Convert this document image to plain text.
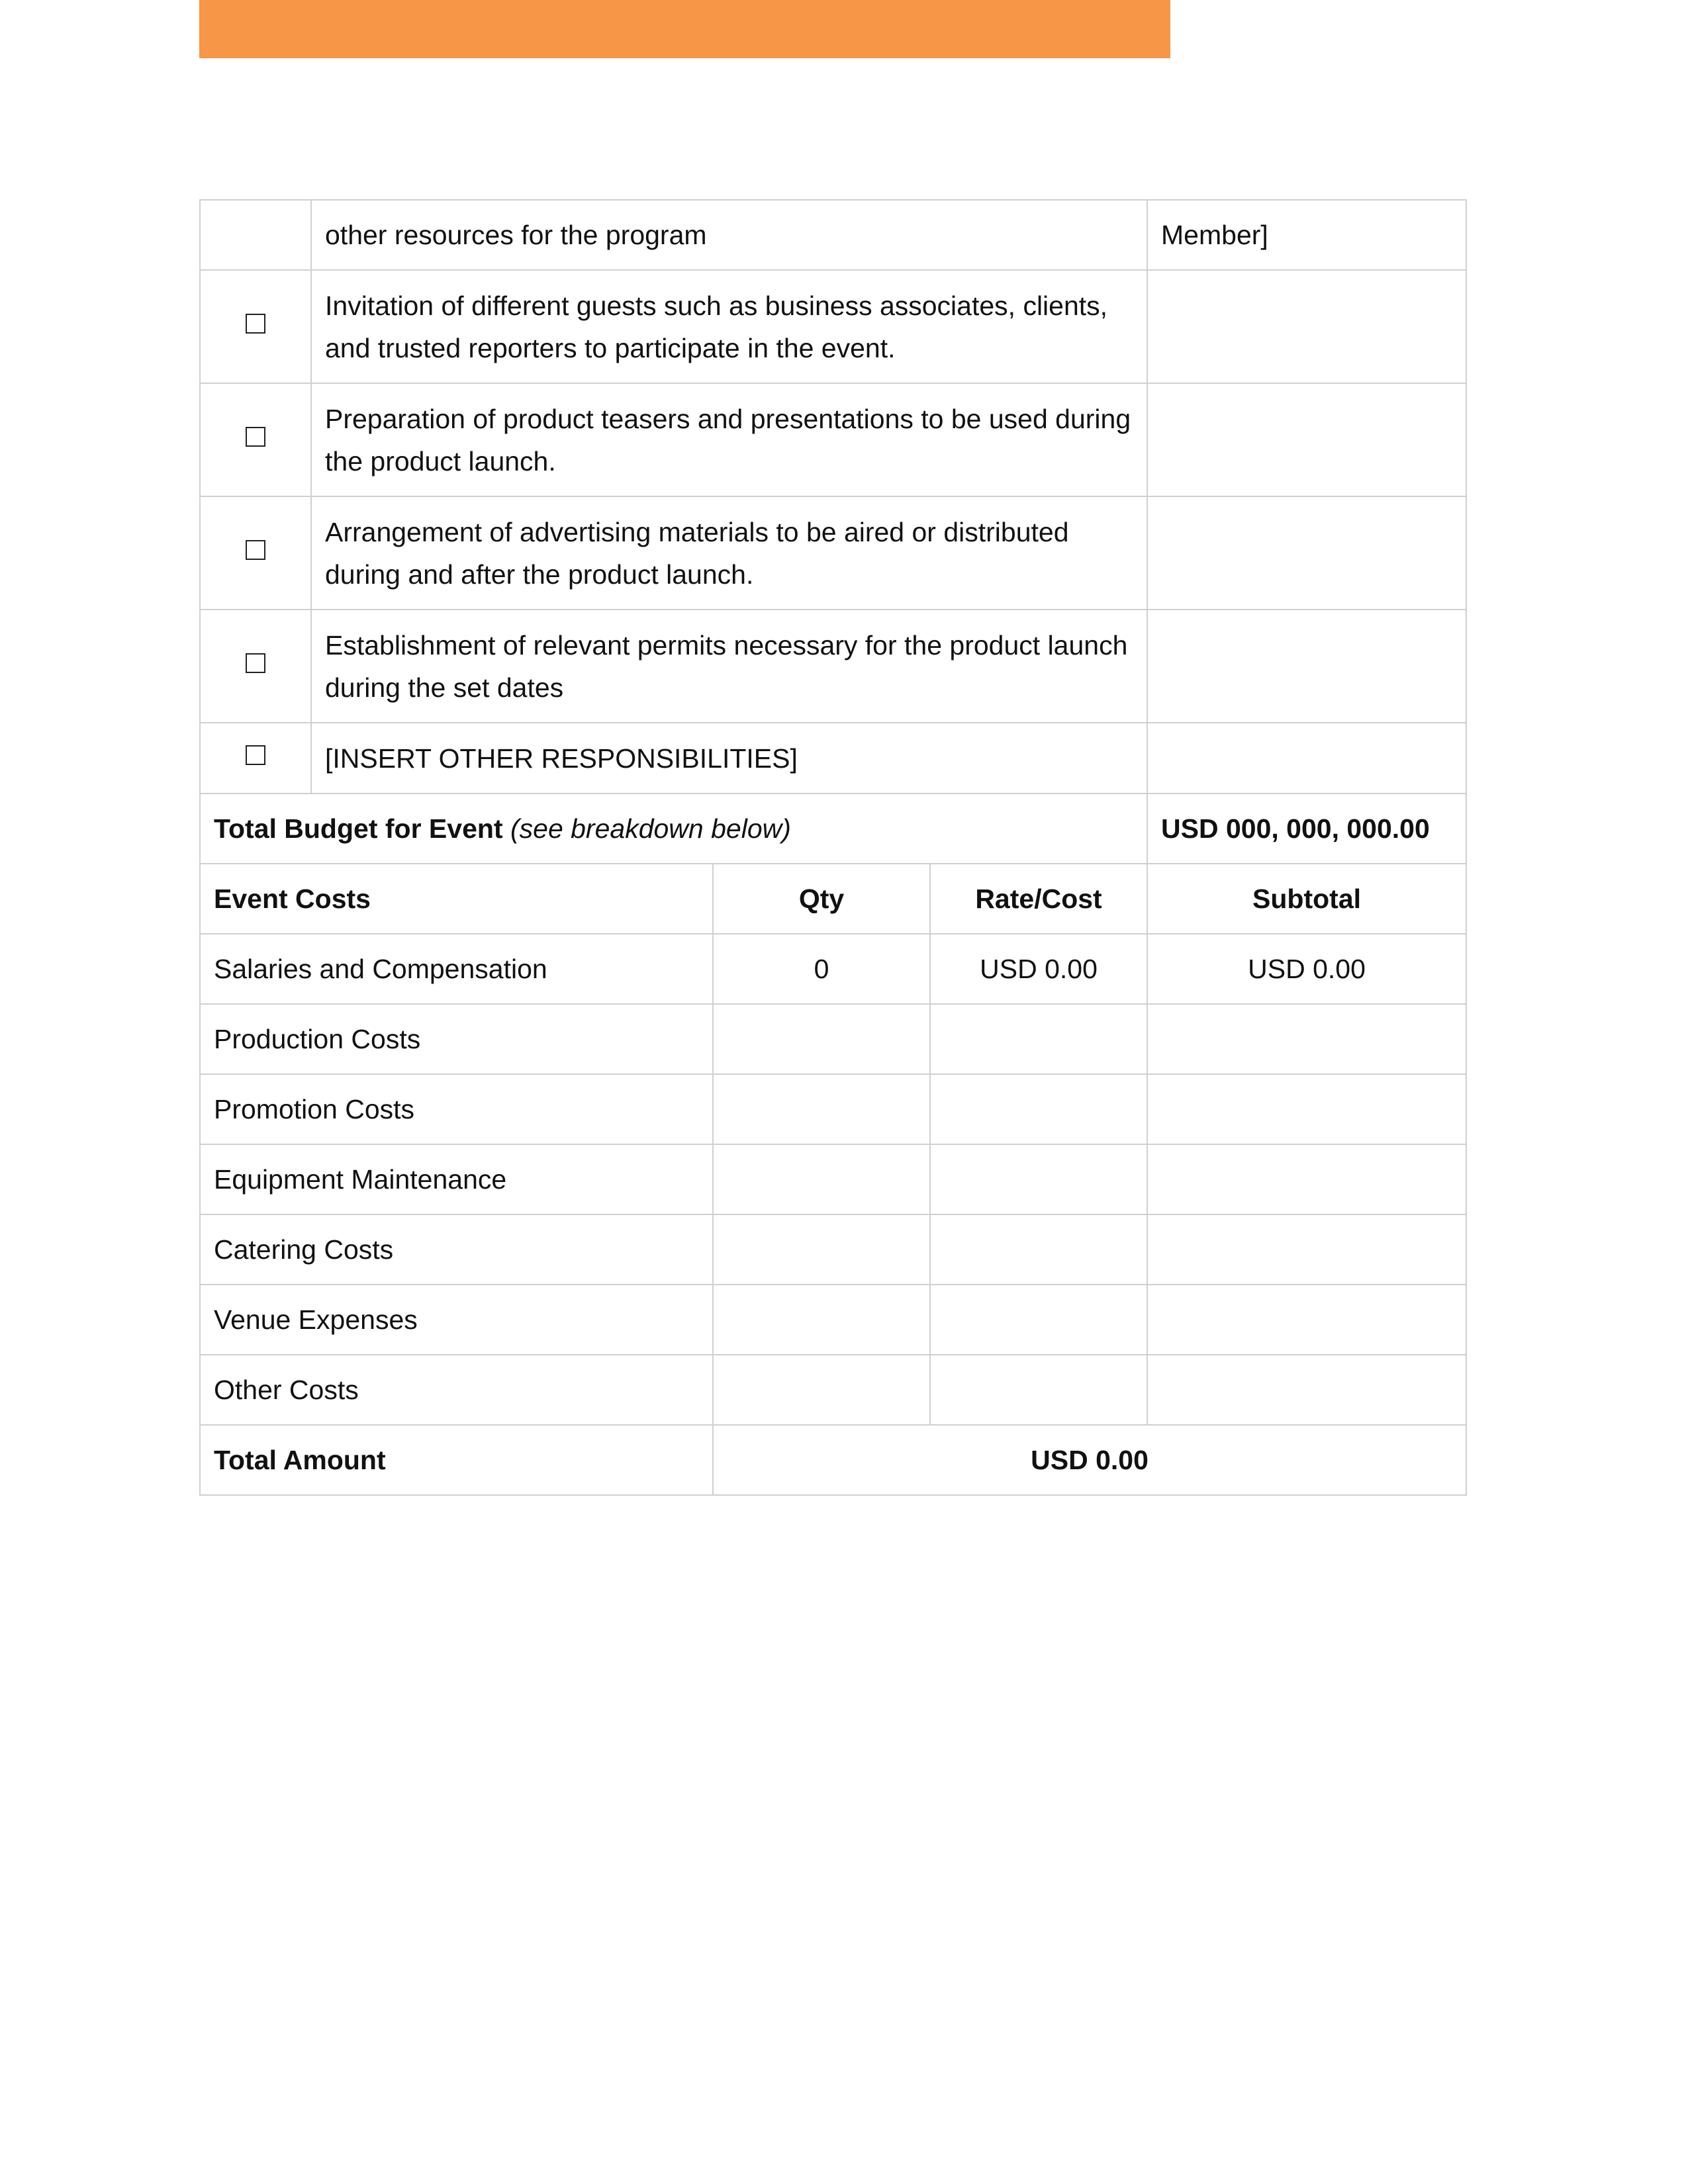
	other resources for the program			Member]
	Invitation of different guests such as business associates, clients, and trusted reporters to participate in the event.			
	Preparation of product teasers and presentations to be used during the product launch.			
	Arrangement of advertising materials to be aired or distributed during and after the product launch.			
	Establishment of relevant permits necessary for the product launch during the set dates			
	[INSERT OTHER RESPONSIBILITIES]			
Total Budget for Event (see breakdown below)				USD 000, 000, 000.00
Event Costs		Qty	Rate/Cost	Subtotal
Salaries and Compensation		0	USD 0.00	USD 0.00
Production Costs				
Promotion Costs				
Equipment Maintenance				
Catering Costs				
Venue Expenses				
Other Costs				
Total Amount		USD 0.00		
